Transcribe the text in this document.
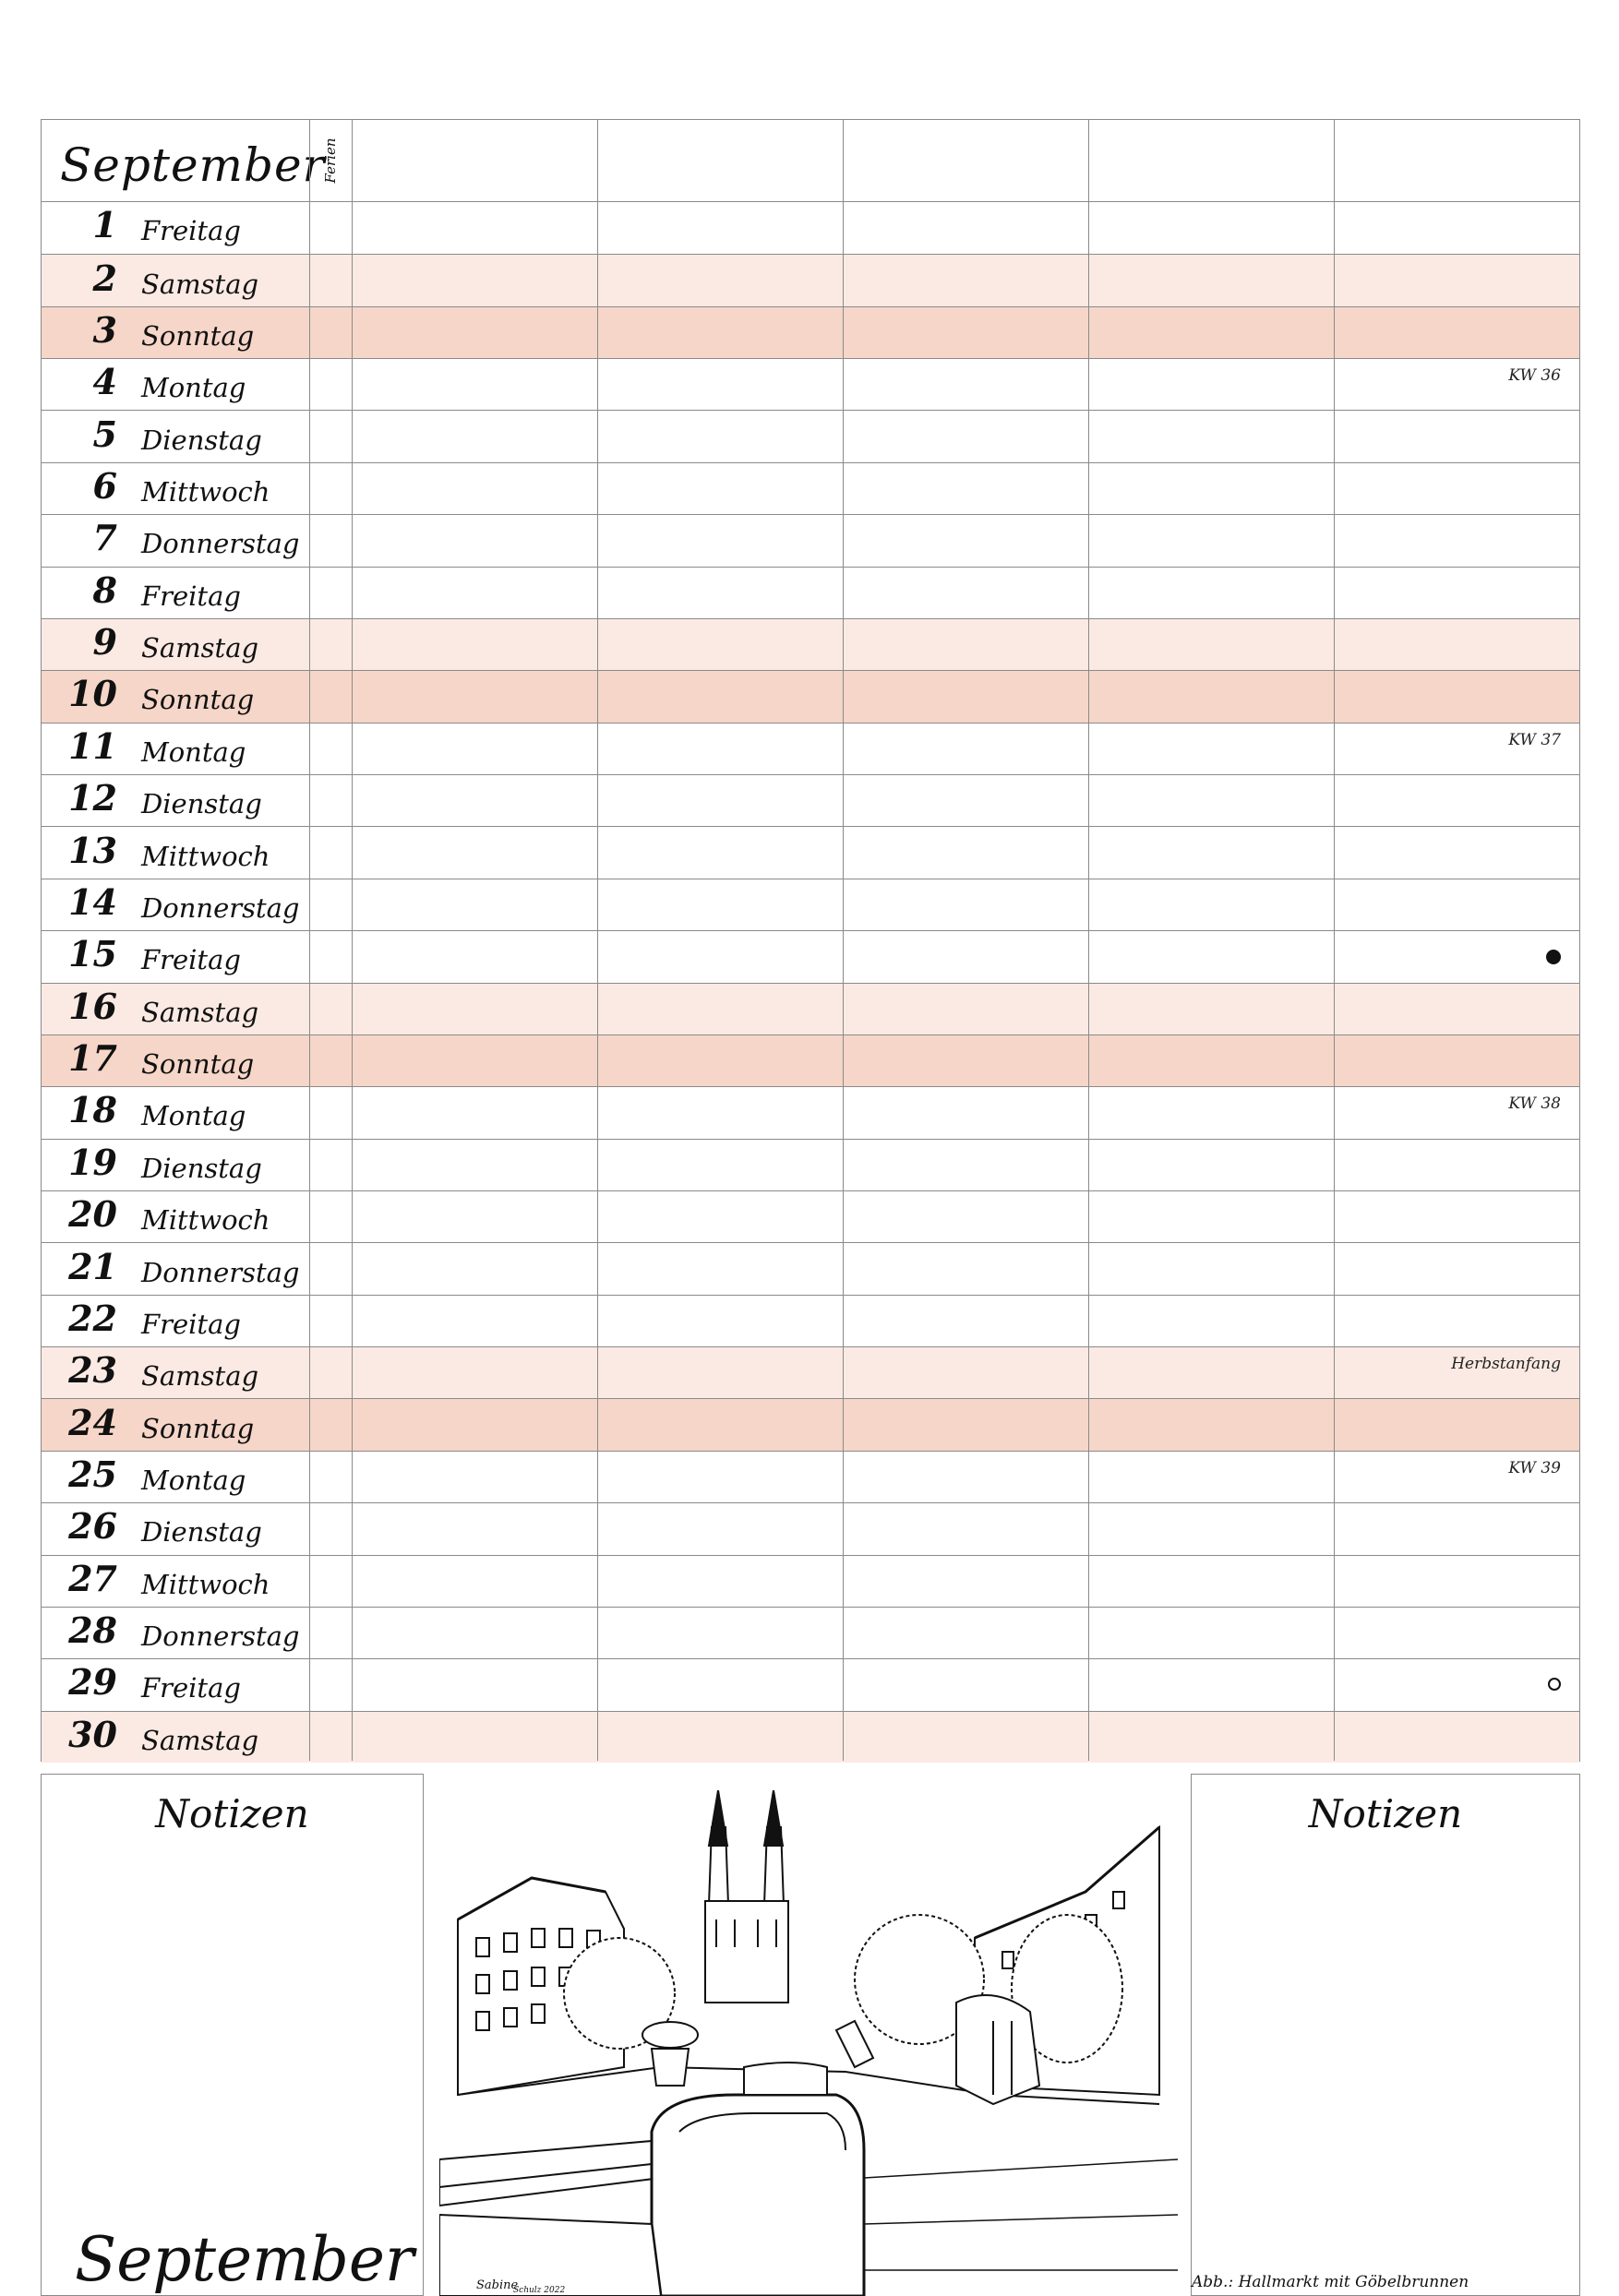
September
Ferien
1 Freitag
2 Samstag
3 Sonntag
4 Montag	KW 36
5 Dienstag
6 Mittwoch
7 Donnerstag
8 Freitag
9 Samstag
10 Sonntag
11 Montag	KW 37
12 Dienstag
13 Mittwoch
14 Donnerstag
15 Freitag
16 Samstag
17 Sonntag
18 Montag	KW 38
19 Dienstag
20 Mittwoch
21 Donnerstag
22 Freitag
23 Samstag	Herbstanfang
24 Sonntag
25 Montag	KW 39
26 Dienstag
27 Mittwoch
28 Donnerstag
29 Freitag
30 Samstag
Notizen
September	Sabine
Schulz 2022
Notizen
Abb.: Hallmarkt mit Göbelbrunnen
